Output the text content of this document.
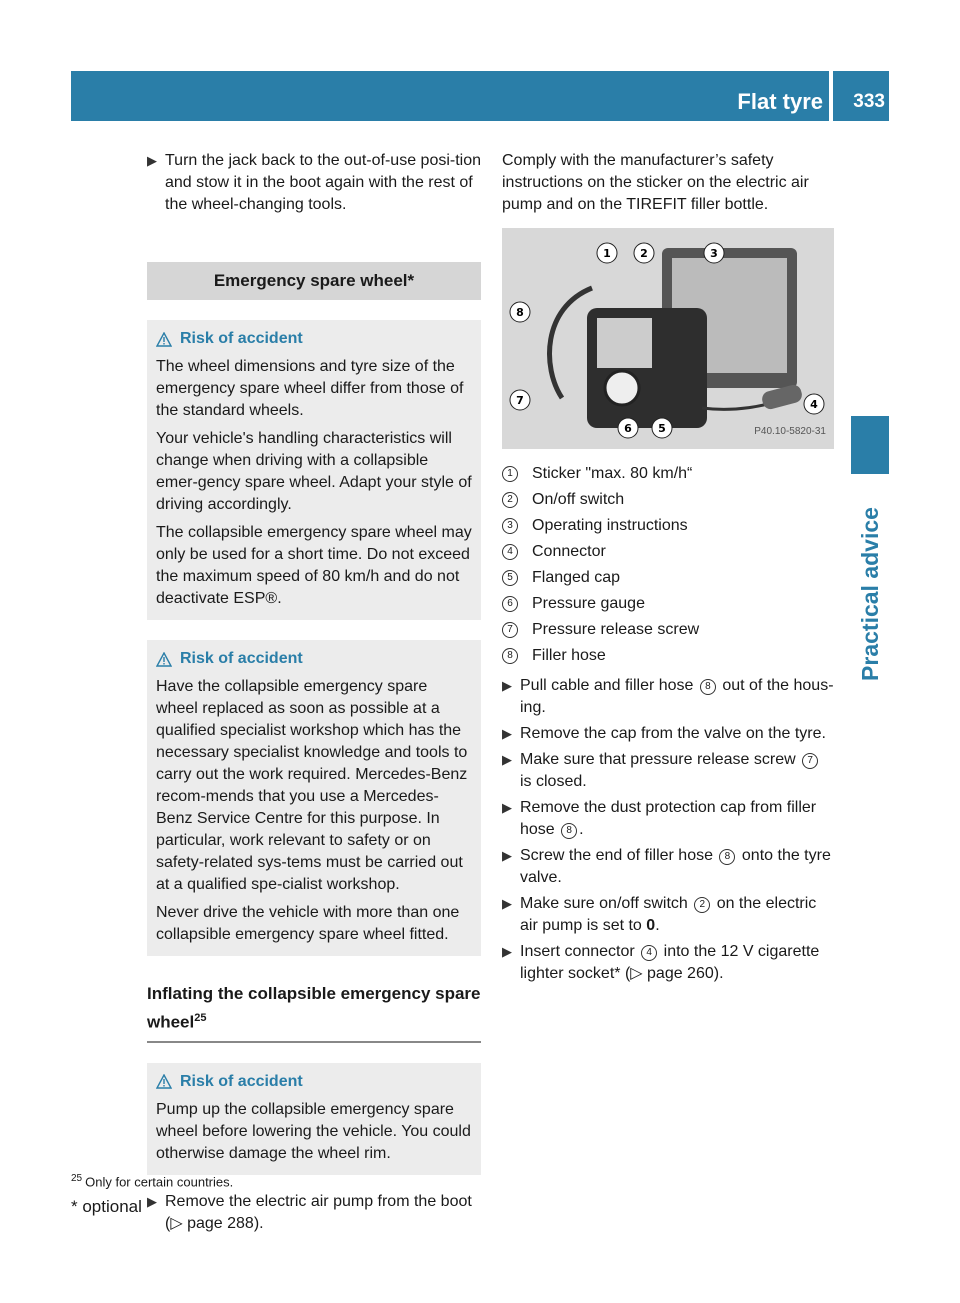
Flat tyre 333
Practical advice
▶ Turn the jack back to the out-of-use posi-tion and stow it in the boot again with the rest of the wheel-changing tools.
Emergency spare wheel*
Risk of accident

The wheel dimensions and tyre size of the emergency spare wheel differ from those of the standard wheels.

Your vehicle's handling characteristics will change when driving with a collapsible emer-gency spare wheel. Adapt your style of driving accordingly.

The collapsible emergency spare wheel may only be used for a short time. Do not exceed the maximum speed of 80 km/h and do not deactivate ESP®.

Risk of accident

Have the collapsible emergency spare wheel replaced as soon as possible at a qualified specialist workshop which has the necessary specialist knowledge and tools to carry out the work required. Mercedes-Benz recom-mends that you use a Mercedes-Benz Service Centre for this purpose. In particular, work relevant to safety or on safety-related sys-tems must be carried out at a qualified spe-cialist workshop.

Never drive the vehicle with more than one collapsible emergency spare wheel fitted.

Inflating the collapsible emergency spare wheel$^{25}$
Risk of accident

Pump up the collapsible emergency spare wheel before lowering the vehicle. You could otherwise damage the wheel rim.

▶ Remove the electric air pump from the boot (▷ page 288).
Comply with the manufacturer’s safety instructions on the sticker on the electric air pump and on the TIREFIT filler bottle.
1	2	3
4
5
6
7
8
P40.10-5820-31
1	Sticker "max. 80 km/h“
2	On/off switch
3	Operating instructions
4	Connector
5	Flanged cap
6	Pressure gauge
7	Pressure release screw
8	Filler hose
▶ Pull cable and filler hose 8 out of the hous-ing.
▶ Remove the cap from the valve on the tyre.
▶ Make sure that pressure release screw 7 is closed.
▶ Remove the dust protection cap from filler hose 8 .
▶ Screw the end of filler hose 8 onto the tyre valve.
▶ Make sure on/off switch 2 on the electric air pump is set to 0.
▶ Insert connector 4 into the 12 V cigarette lighter socket* (▷ page 260).
$^{25}$ Only for certain countries.
* optional
